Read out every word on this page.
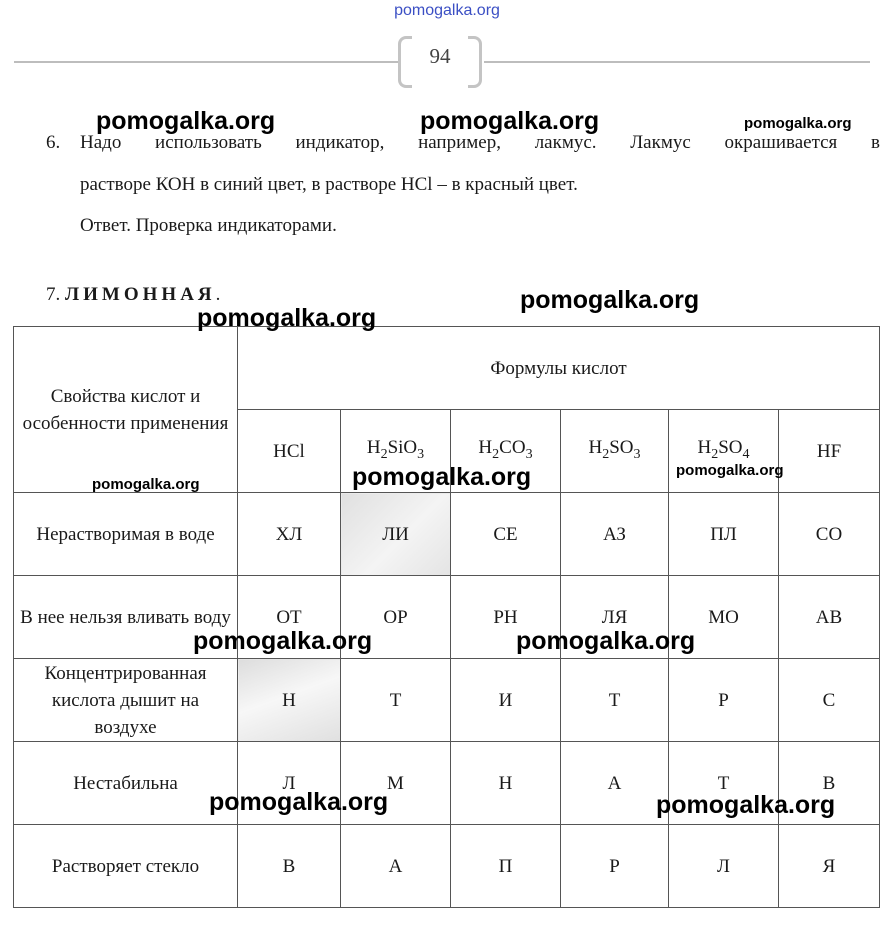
pomogalka.org
94
6. Надо использовать индикатор, например, лакмус. Лакмус окрашивается в
растворе КОН в синий цвет, в растворе HCl – в красный цвет.
Ответ. Проверка индикаторами.
7. ЛИМОННАЯ.
Свойства кислот и особенности применения	Формулы кислот					
	HCl	$H_2SiO_3$	$H_2CO_3$	$H_2SO_3$	$H_2SO_4$	HF
Нерастворимая в воде	ХЛ	ЛИ	СЕ	АЗ	ПЛ	СО
В нее нельзя вливать воду	ОТ	ОР	РН	ЛЯ	МО	АВ
Концентрированная кислота дышит на воздухе	Н	Т	И	Т	Р	С
Нестабильна	Л	М	Н	А	Т	В
Растворяет стекло	В	А	П	Р	Л	Я
pomogalka.org	pomogalka.org	pomogalka.org
pomogalka.org
pomogalka.org
pomogalka.org	pomogalka.org
pomogalka.org
pomogalka.org	pomogalka.org
pomogalka.org	pomogalka.org
